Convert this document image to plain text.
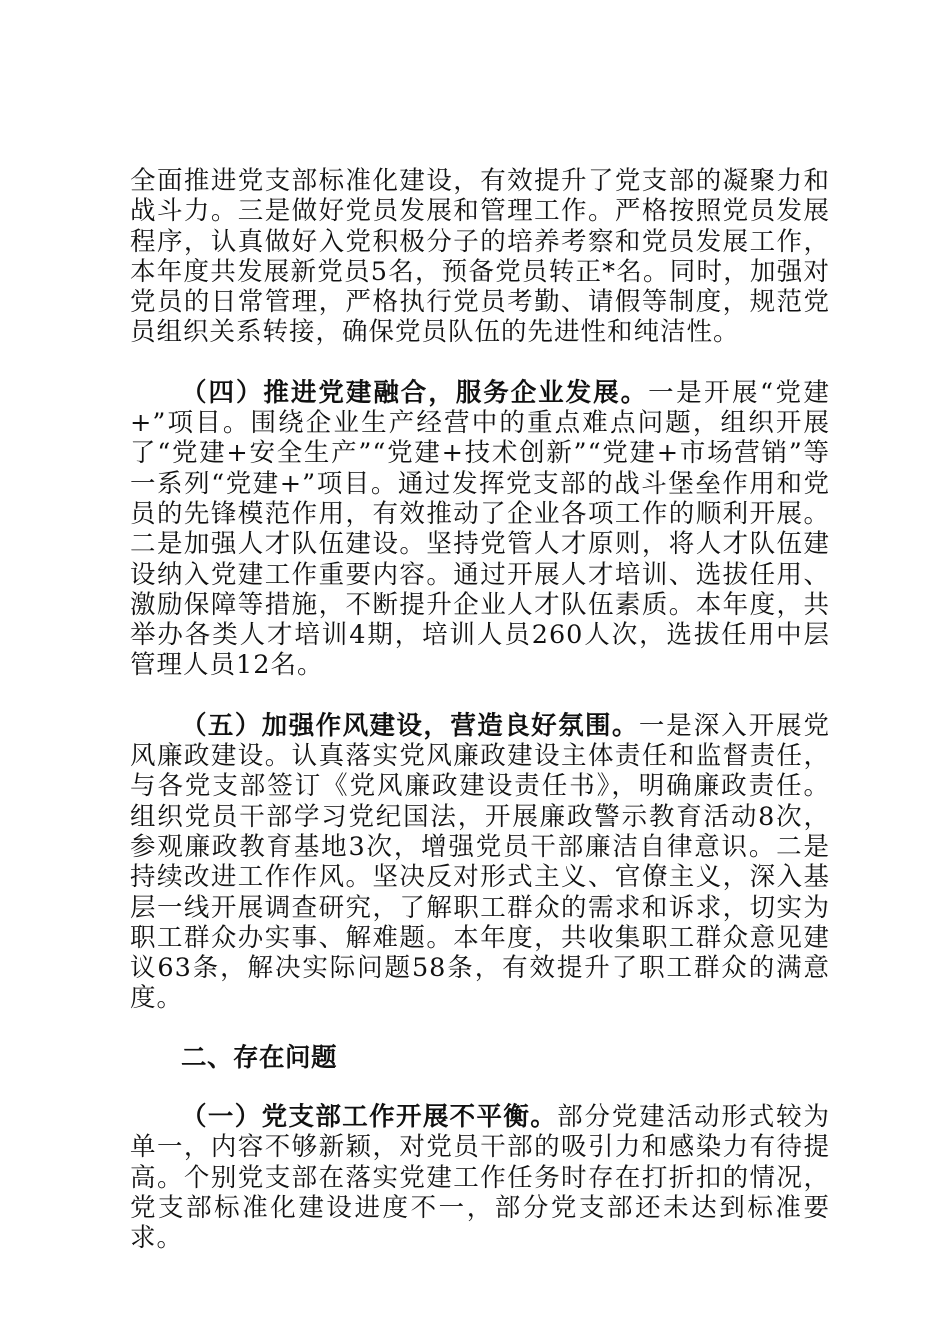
全面推进党支部标准化建设，有效提升了党支部的凝聚力和战斗力。三是做好党员发展和管理工作。严格按照党员发展程序，认真做好入党积极分子的培养考察和党员发展工作，本年度共发展新党员5名，预备党员转正*名。同时，加强对党员的日常管理，严格执行党员考勤、请假等制度，规范党员组织关系转接，确保党员队伍的先进性和纯洁性。

（四）推进党建融合，服务企业发展。一是开展“党建+”项目。围绕企业生产经营中的重点难点问题，组织开展了“党建+安全生产”“党建+技术创新”“党建+市场营销”等一系列“党建+”项目。通过发挥党支部的战斗堡垒作用和党员的先锋模范作用，有效推动了企业各项工作的顺利开展。二是加强人才队伍建设。坚持党管人才原则，将人才队伍建设纳入党建工作重要内容。通过开展人才培训、选拔任用、激励保障等措施，不断提升企业人才队伍素质。本年度，共举办各类人才培训4期，培训人员260人次，选拔任用中层管理人员12名。

（五）加强作风建设，营造良好氛围。一是深入开展党风廉政建设。认真落实党风廉政建设主体责任和监督责任，与各党支部签订《党风廉政建设责任书》，明确廉政责任。组织党员干部学习党纪国法，开展廉政警示教育活动8次，参观廉政教育基地3次，增强党员干部廉洁自律意识。二是持续改进工作作风。坚决反对形式主义、官僚主义，深入基层一线开展调查研究，了解职工群众的需求和诉求，切实为职工群众办实事、解难题。本年度，共收集职工群众意见建议63条，解决实际问题58条，有效提升了职工群众的满意度。

二、存在问题

（一）党支部工作开展不平衡。部分党建活动形式较为单一，内容不够新颖，对党员干部的吸引力和感染力有待提高。个别党支部在落实党建工作任务时存在打折扣的情况，党支部标准化建设进度不一，部分党支部还未达到标准要求。
